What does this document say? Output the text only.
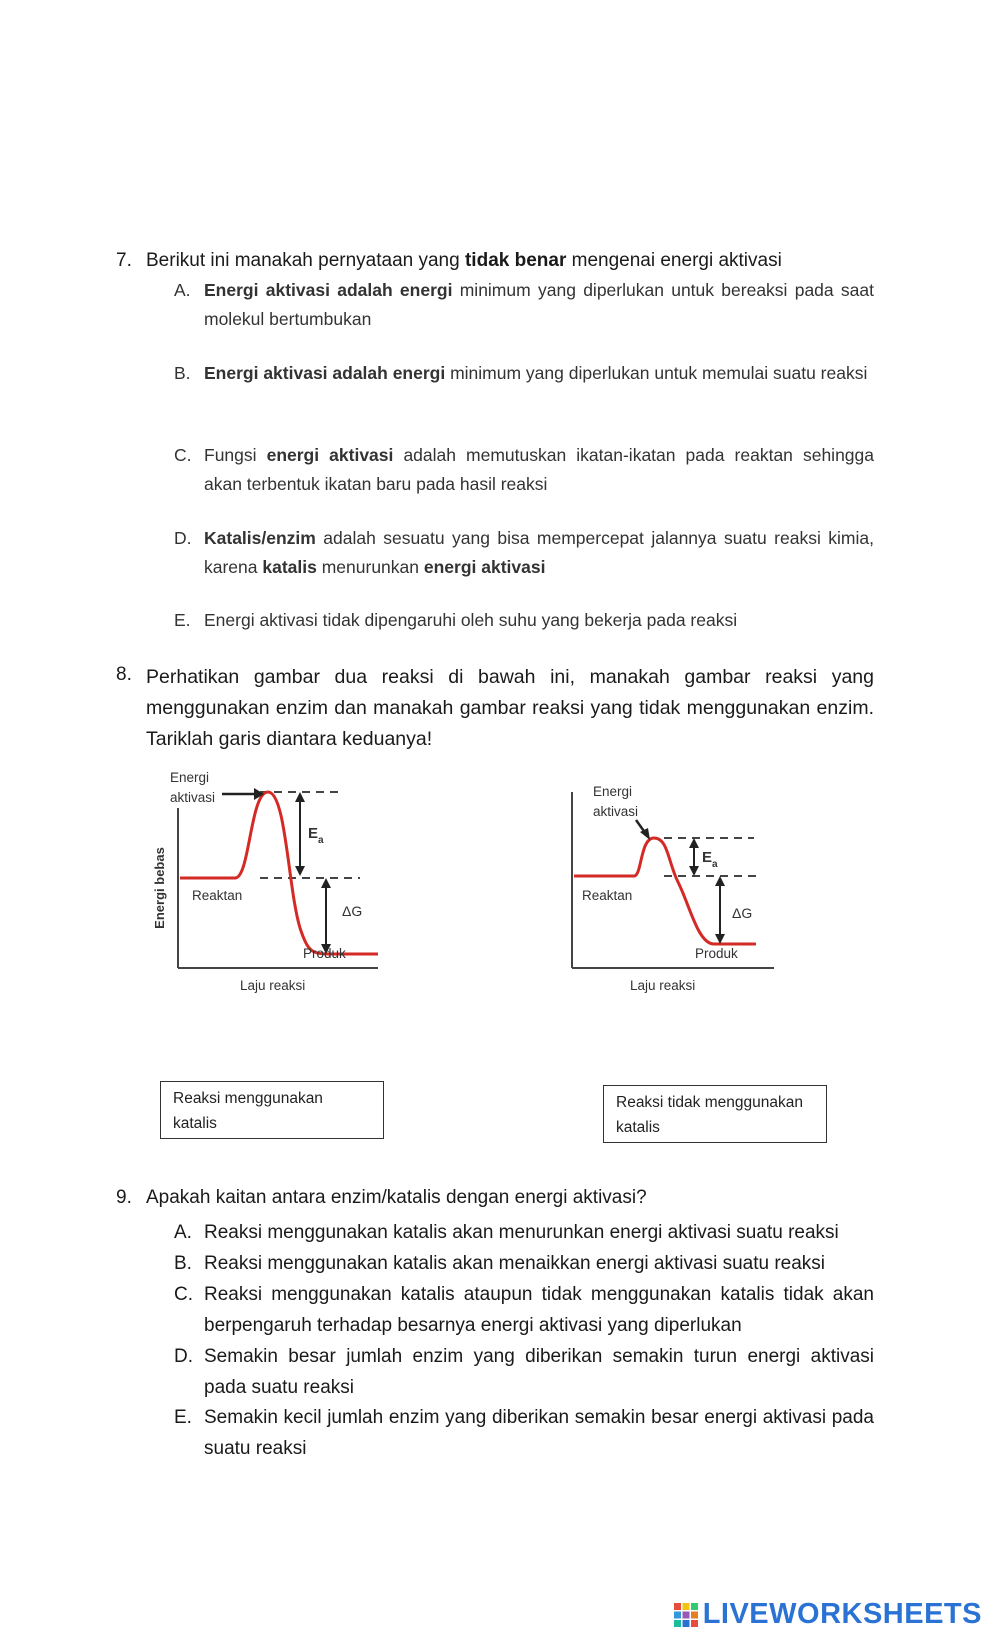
7. Berikut ini manakah pernyataan yang tidak benar mengenai energi aktivasi
A. Energi aktivasi adalah energi minimum yang diperlukan untuk bereaksi pada saat molekul bertumbukan
B. Energi aktivasi adalah energi minimum yang diperlukan untuk memulai suatu reaksi
C. Fungsi energi aktivasi adalah memutuskan ikatan-ikatan pada reaktan sehingga akan terbentuk ikatan baru pada hasil reaksi
D. Katalis/enzim adalah sesuatu yang bisa mempercepat jalannya suatu reaksi kimia, karena katalis menurunkan energi aktivasi
E. Energi aktivasi tidak dipengaruhi oleh suhu yang bekerja pada reaksi
8. Perhatikan gambar dua reaksi di bawah ini, manakah gambar reaksi yang menggunakan enzim dan manakah gambar reaksi yang tidak menggunakan enzim. Tariklah garis diantara keduanya!
Energi
aktivasi
Energi bebas
E a
ΔG
Reaktan
Produk
Laju reaksi
Energi
aktivasi
E a
ΔG
Reaktan
Produk
Laju reaksi
Reaksi menggunakan katalis
Reaksi tidak menggunakan katalis
9. Apakah kaitan antara enzim/katalis dengan energi aktivasi?
A. Reaksi menggunakan katalis akan menurunkan energi aktivasi suatu reaksi
B. Reaksi menggunakan katalis akan menaikkan energi aktivasi suatu reaksi
C. Reaksi menggunakan katalis ataupun tidak menggunakan katalis tidak akan berpengaruh terhadap besarnya energi aktivasi yang diperlukan
D. Semakin besar jumlah enzim yang diberikan semakin turun energi aktivasi pada suatu reaksi
E. Semakin kecil jumlah enzim yang diberikan semakin besar energi aktivasi pada suatu reaksi
LIVEWORKSHEETS
